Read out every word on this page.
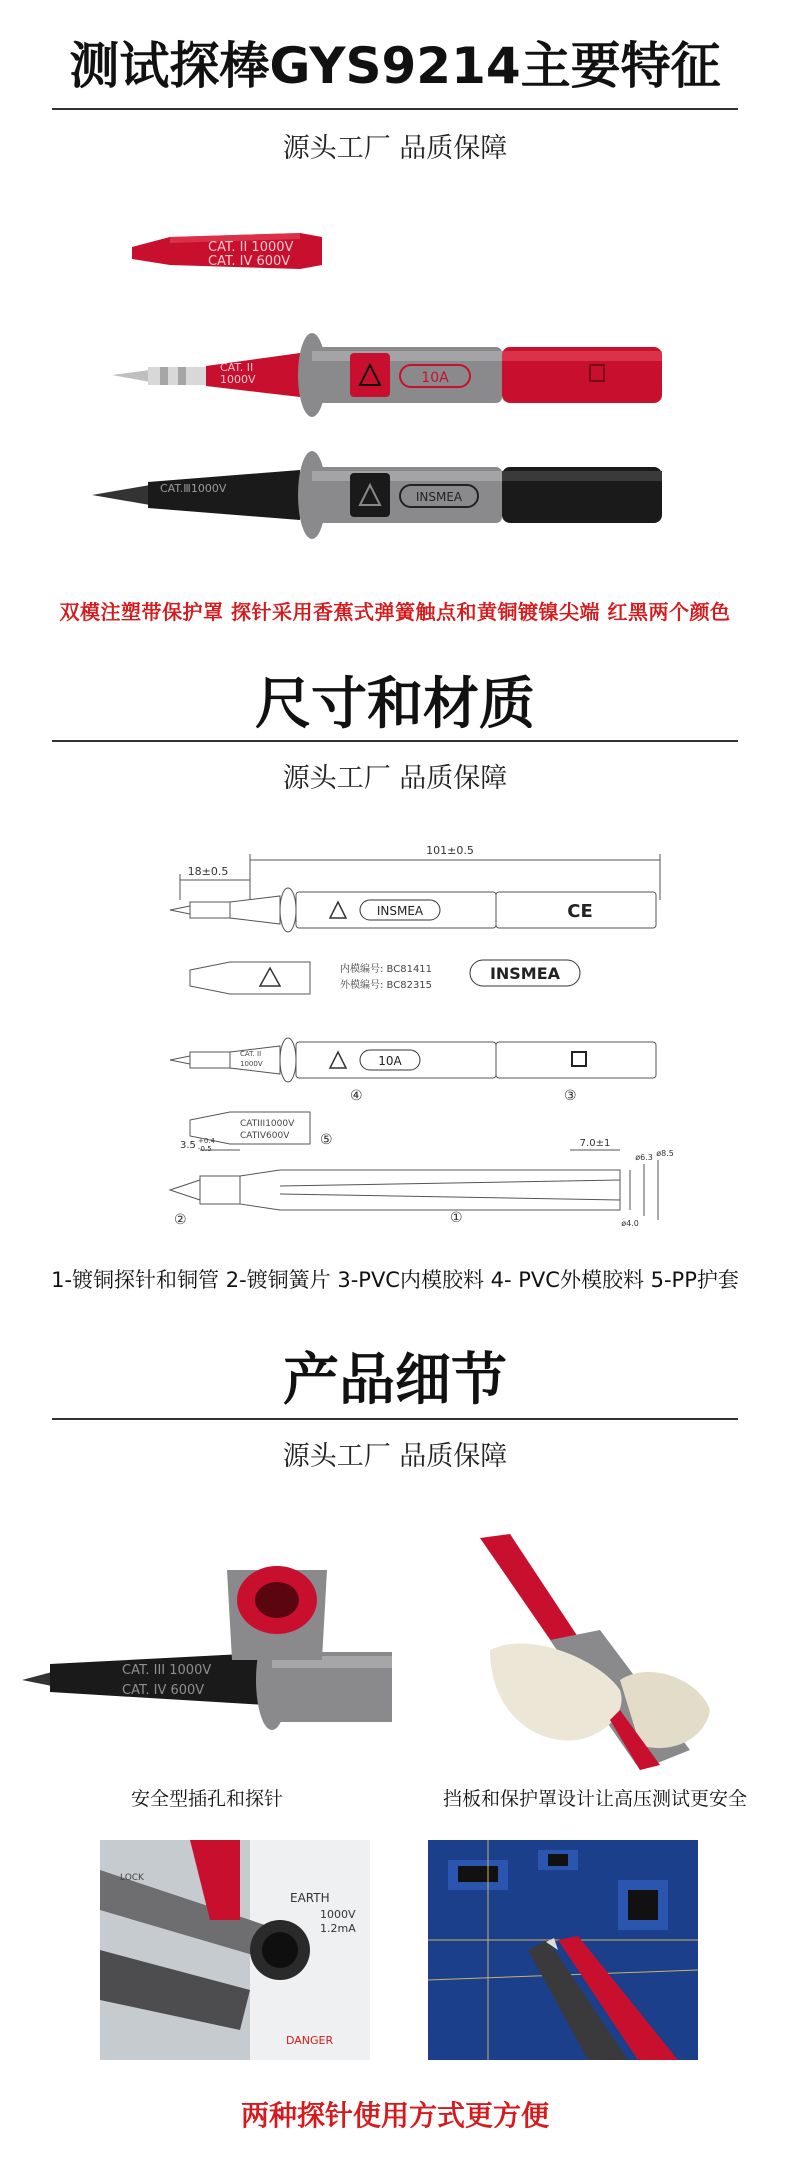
测试探棒GYS9214主要特征
源头工厂 品质保障
CAT. II 1000V
CAT. IV 600V
CAT. II
1000V	10A
CAT.Ⅲ1000V
INSMEA
双模注塑带保护罩 探针采用香蕉式弹簧触点和黄铜镀镍尖端 红黑两个颜色
尺寸和材质
源头工厂 品质保障
101±0.5
18±0.5
INSMEA	CE
内模编号: BC81411
外模编号: BC82315
INSMEA
CAT. II
1000V	10A
CATIII1000V
CATIV600V
3.5 +0.4
-0.5	7.0±1
ø4.0
ø6.3 ø8.5
①
②
③
④
⑤
1-镀铜探针和铜管 2-镀铜簧片 3-PVC内模胶料 4- PVC外模胶料 5-PP护套
产品细节
源头工厂 品质保障
CAT. III 1000V
CAT. IV 600V
安全型插孔和探针	挡板和保护罩设计让高压测试更安全
EARTH
1000V
1.2mA
DANGER
LOCK
两种探针使用方式更方便
